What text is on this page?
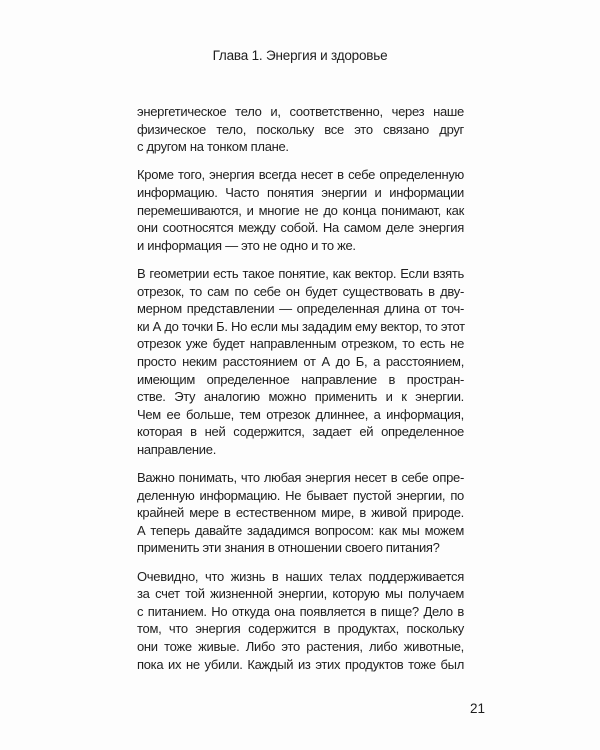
Глава 1. Энергия и здоровье
энергетическое тело и, соответственно, через наше
физическое тело, поскольку все это связано друг
с другом на тонком плане.
Кроме того, энергия всегда несет в себе определенную
информацию. Часто понятия энергии и информации
перемешиваются, и многие не до конца понимают, как
они соотносятся между собой. На самом деле энергия
и информация — это не одно и то же.
В геометрии есть такое понятие, как вектор. Если взять
отрезок, то сам по себе он будет существовать в дву-
мерном представлении — определенная длина от точ-
ки А до точки Б. Но если мы зададим ему вектор, то этот
отрезок уже будет направленным отрезком, то есть не
просто неким расстоянием от А до Б, а расстоянием,
имеющим определенное направление в простран-
стве. Эту аналогию можно применить и к энергии.
Чем ее больше, тем отрезок длиннее, а информация,
которая в ней содержится, задает ей определенное
направление.
Важно понимать, что любая энергия несет в себе опре-
деленную информацию. Не бывает пустой энергии, по
крайней мере в естественном мире, в живой природе.
А теперь давайте зададимся вопросом: как мы можем
применить эти знания в отношении своего питания?
Очевидно, что жизнь в наших телах поддерживается
за счет той жизненной энергии, которую мы получаем
с питанием. Но откуда она появляется в пище? Дело в
том, что энергия содержится в продуктах, поскольку
они тоже живые. Либо это растения, либо животные,
пока их не убили. Каждый из этих продуктов тоже был
21
